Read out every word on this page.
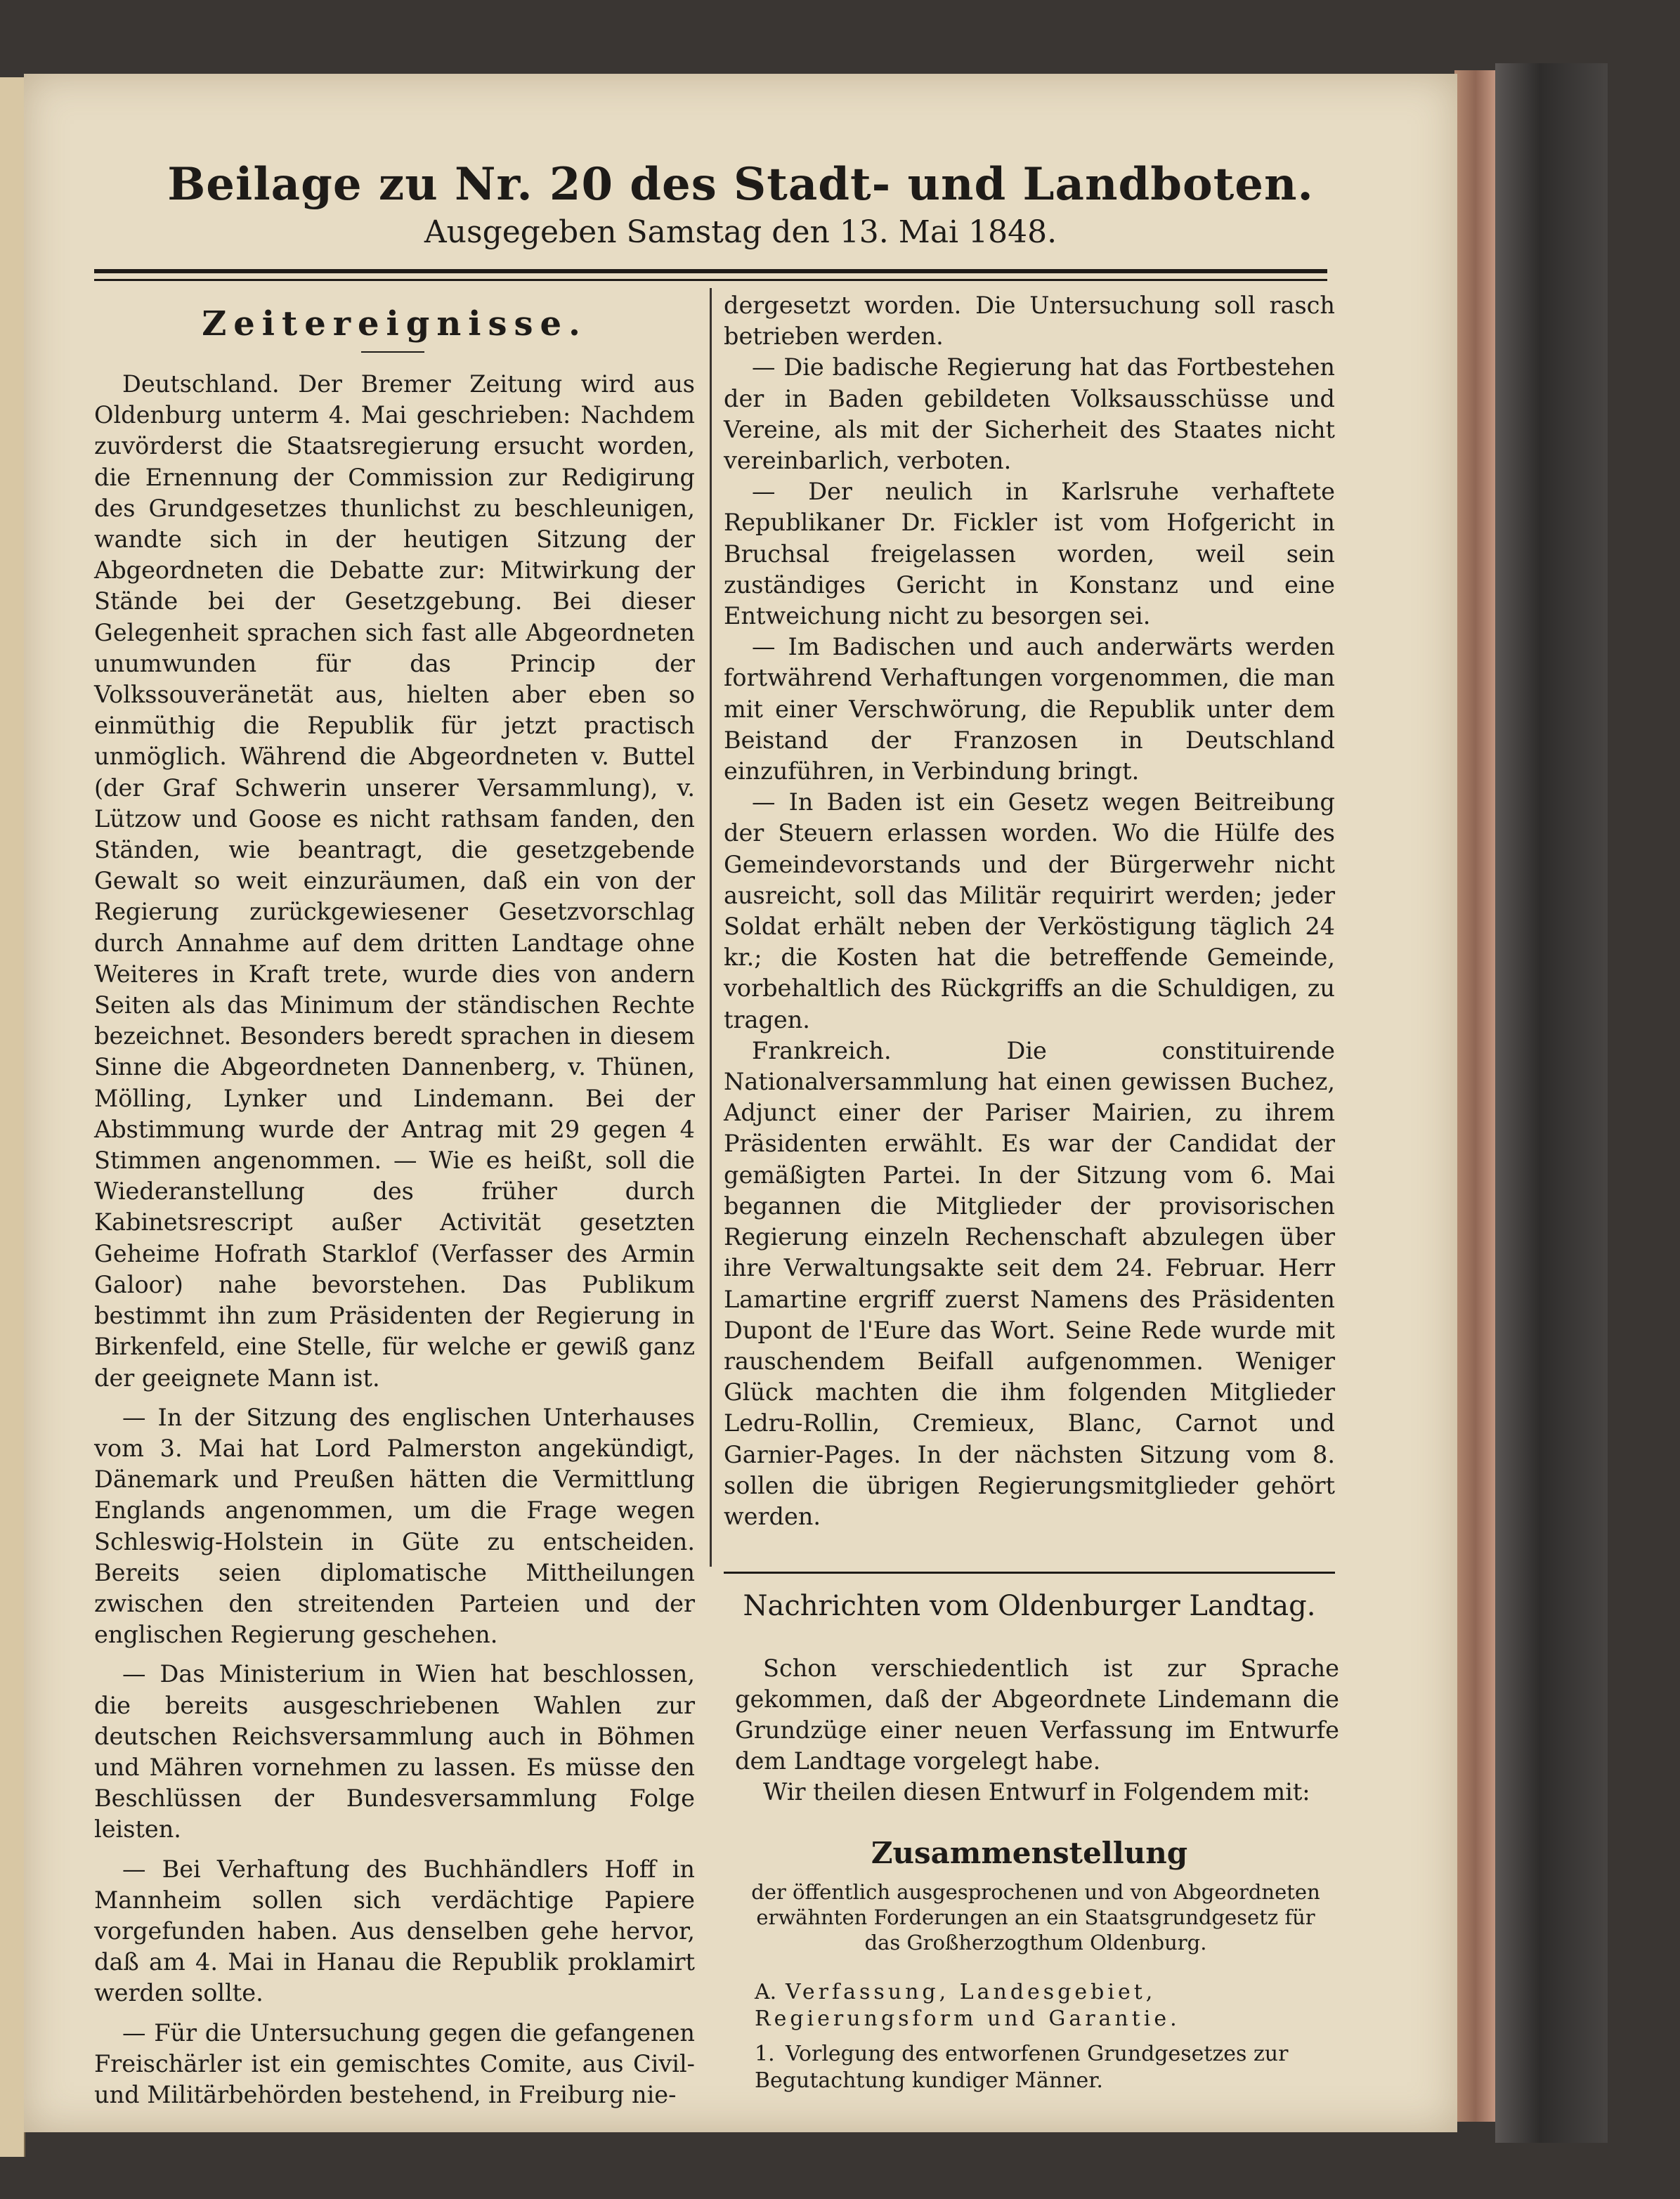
Beilage zu Nr. 20 des Stadt- und Landboten.
Ausgegeben Samstag den 13. Mai 1848.
Zeitereignisse.

Deutschland. Der Bremer Zeitung wird aus Oldenburg unterm 4. Mai geschrieben: Nachdem zuvörderst die Staatsregierung ersucht worden, die Ernennung der Commission zur Redigirung des Grundgesetzes thunlichst zu beschleunigen, wandte sich in der heutigen Sitzung der Abgeordneten die Debatte zur: Mitwirkung der Stände bei der Gesetzgebung. Bei dieser Gelegenheit sprachen sich fast alle Abgeordneten unumwunden für das Princip der Volkssouveränetät aus, hielten aber eben so einmüthig die Republik für jetzt practisch unmöglich. Während die Abgeordneten v. Buttel (der Graf Schwerin unserer Versammlung), v. Lützow und Goose es nicht rathsam fanden, den Ständen, wie beantragt, die gesetzgebende Gewalt so weit einzuräumen, daß ein von der Regierung zurückgewiesener Gesetzvorschlag durch Annahme auf dem dritten Landtage ohne Weiteres in Kraft trete, wurde dies von andern Seiten als das Minimum der ständischen Rechte bezeichnet. Besonders beredt sprachen in diesem Sinne die Abgeordneten Dannenberg, v. Thünen, Mölling, Lynker und Lindemann. Bei der Abstimmung wurde der Antrag mit 29 gegen 4 Stimmen angenommen. — Wie es heißt, soll die Wiederanstellung des früher durch Kabinetsrescript außer Activität gesetzten Geheime Hofrath Starklof (Verfasser des Armin Galoor) nahe bevorstehen. Das Publikum bestimmt ihn zum Präsidenten der Regierung in Birkenfeld, eine Stelle, für welche er gewiß ganz der geeignete Mann ist.

— In der Sitzung des englischen Unterhauses vom 3. Mai hat Lord Palmerston angekündigt, Dänemark und Preußen hätten die Vermittlung Englands angenommen, um die Frage wegen Schleswig-Holstein in Güte zu entscheiden. Bereits seien diplomatische Mittheilungen zwischen den streitenden Parteien und der englischen Regierung geschehen.

— Das Ministerium in Wien hat beschlossen, die bereits ausgeschriebenen Wahlen zur deutschen Reichsversammlung auch in Böhmen und Mähren vornehmen zu lassen. Es müsse den Beschlüssen der Bundesversammlung Folge leisten.

— Bei Verhaftung des Buchhändlers Hoff in Mannheim sollen sich verdächtige Papiere vorgefunden haben. Aus denselben gehe hervor, daß am 4. Mai in Hanau die Republik proklamirt werden sollte.

— Für die Untersuchung gegen die gefangenen Freischärler ist ein gemischtes Comite, aus Civil- und Militärbehörden bestehend, in Freiburg nie-

dergesetzt worden. Die Untersuchung soll rasch betrieben werden.

— Die badische Regierung hat das Fortbestehen der in Baden gebildeten Volksausschüsse und Vereine, als mit der Sicherheit des Staates nicht vereinbarlich, verboten.

— Der neulich in Karlsruhe verhaftete Republikaner Dr. Fickler ist vom Hofgericht in Bruchsal freigelassen worden, weil sein zuständiges Gericht in Konstanz und eine Entweichung nicht zu besorgen sei.

— Im Badischen und auch anderwärts werden fortwährend Verhaftungen vorgenommen, die man mit einer Verschwörung, die Republik unter dem Beistand der Franzosen in Deutschland einzuführen, in Verbindung bringt.

— In Baden ist ein Gesetz wegen Beitreibung der Steuern erlassen worden. Wo die Hülfe des Gemeindevorstands und der Bürgerwehr nicht ausreicht, soll das Militär requirirt werden; jeder Soldat erhält neben der Verköstigung täglich 24 kr.; die Kosten hat die betreffende Gemeinde, vorbehaltlich des Rückgriffs an die Schuldigen, zu tragen.

Frankreich. Die constituirende Nationalversammlung hat einen gewissen Buchez, Adjunct einer der Pariser Mairien, zu ihrem Präsidenten erwählt. Es war der Candidat der gemäßigten Partei. In der Sitzung vom 6. Mai begannen die Mitglieder der provisorischen Regierung einzeln Rechenschaft abzulegen über ihre Verwaltungsakte seit dem 24. Februar. Herr Lamartine ergriff zuerst Namens des Präsidenten Dupont de l'Eure das Wort. Seine Rede wurde mit rauschendem Beifall aufgenommen. Weniger Glück machten die ihm folgenden Mitglieder Ledru-Rollin, Cremieux, Blanc, Carnot und Garnier-Pages. In der nächsten Sitzung vom 8. sollen die übrigen Regierungsmitglieder gehört werden.

Nachrichten vom Oldenburger Landtag.

Schon verschiedentlich ist zur Sprache gekommen, daß der Abgeordnete Lindemann die Grundzüge einer neuen Verfassung im Entwurfe dem Landtage vorgelegt habe.

Wir theilen diesen Entwurf in Folgendem mit:

Zusammenstellung
der öffentlich ausgesprochenen und von Abgeordneten erwähnten Forderungen an ein Staatsgrundgesetz für das Großherzogthum Oldenburg.
A. Verfassung, Landesgebiet, Regierungsform und Garantie.
1. Vorlegung des entworfenen Grundgesetzes zur Begutachtung kundiger Männer.
